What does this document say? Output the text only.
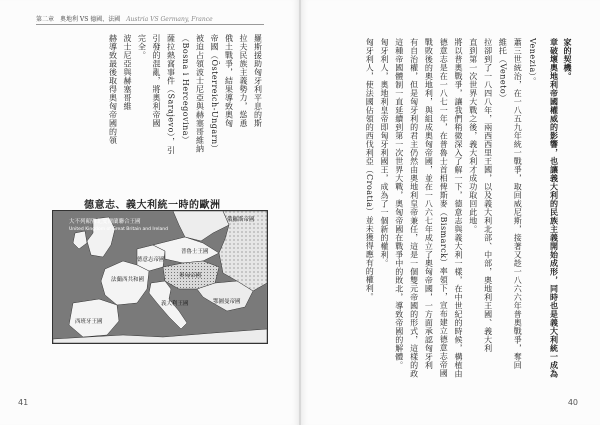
第二章　奧地利 VS 德國、法國 Austria VS Germany, France
羅斯援助匈牙利平息的斯
拉夫民族主義勢力，慫恿
俄土戰爭，結果導致奧匈
帝國（Österreich-Ungarn）
被迫占領波士尼亞與赫塞哥維納
（Bosna i Hercegovina）
薩拉熱窩事件（Sarajevo），引
引發的混亂，將奧利帝國
完全。
波士尼亞與赫塞哥維
赫導致最後取得奧匈帝國的領
德意志、義大利統一時的歐洲
大不列顛暨北愛爾蘭聯合王國
United Kingdom of Great Britain and Ireland
俄羅斯帝國
普魯士王國
德意志帝國
法蘭西共和國
奧匈帝國
義大利王國	鄂圖曼帝國
西班牙王國
41
家的契機。
章破壞奧地利帝國權威的影響，也讓義大利的民族主義開始成形，同時也是義大利統一成為
Venezia）。
蕭三世統治，在一八五九年統一戰爭，取回威尼斯，接著又趁一八六六年普奧戰爭，奪回
維托（Veneto）
拉卻到了一八四八年，兩西西里王國，以及義大利北部、中部，奧地利王國、義大利
直到第一次世界大戰之後，義大利才成功取回此地。
將以普奧戰爭，讓我們稍微深入了解一下，德意志與義大利一樣，在中世紀的時候，構植由
德意志是在一八七一年，在普魯士首相俾斯麥（Bismarck）率領下，宣布建立德意志帝國
戰敗後的奧地利，與組成奧匈帝國，並在一八六七年成立了奧匈帝國，一方面承認匈牙利
有自治權，但是匈牙利的君主仍然由奧地利皇帝兼任，這是一個雙元帝國的形式，這樣的政
這種帝國體制一直延續到第一次世界大戰，奧匈帝國在戰爭中的敗北，導致帝國的解體。
匈牙利人，奧地利皇帝即匈牙利國王，成為了一個新的權利。
匈牙利人，使法國佔領的西伐利亞（Croatia）並未獲得應有的權利。
40
